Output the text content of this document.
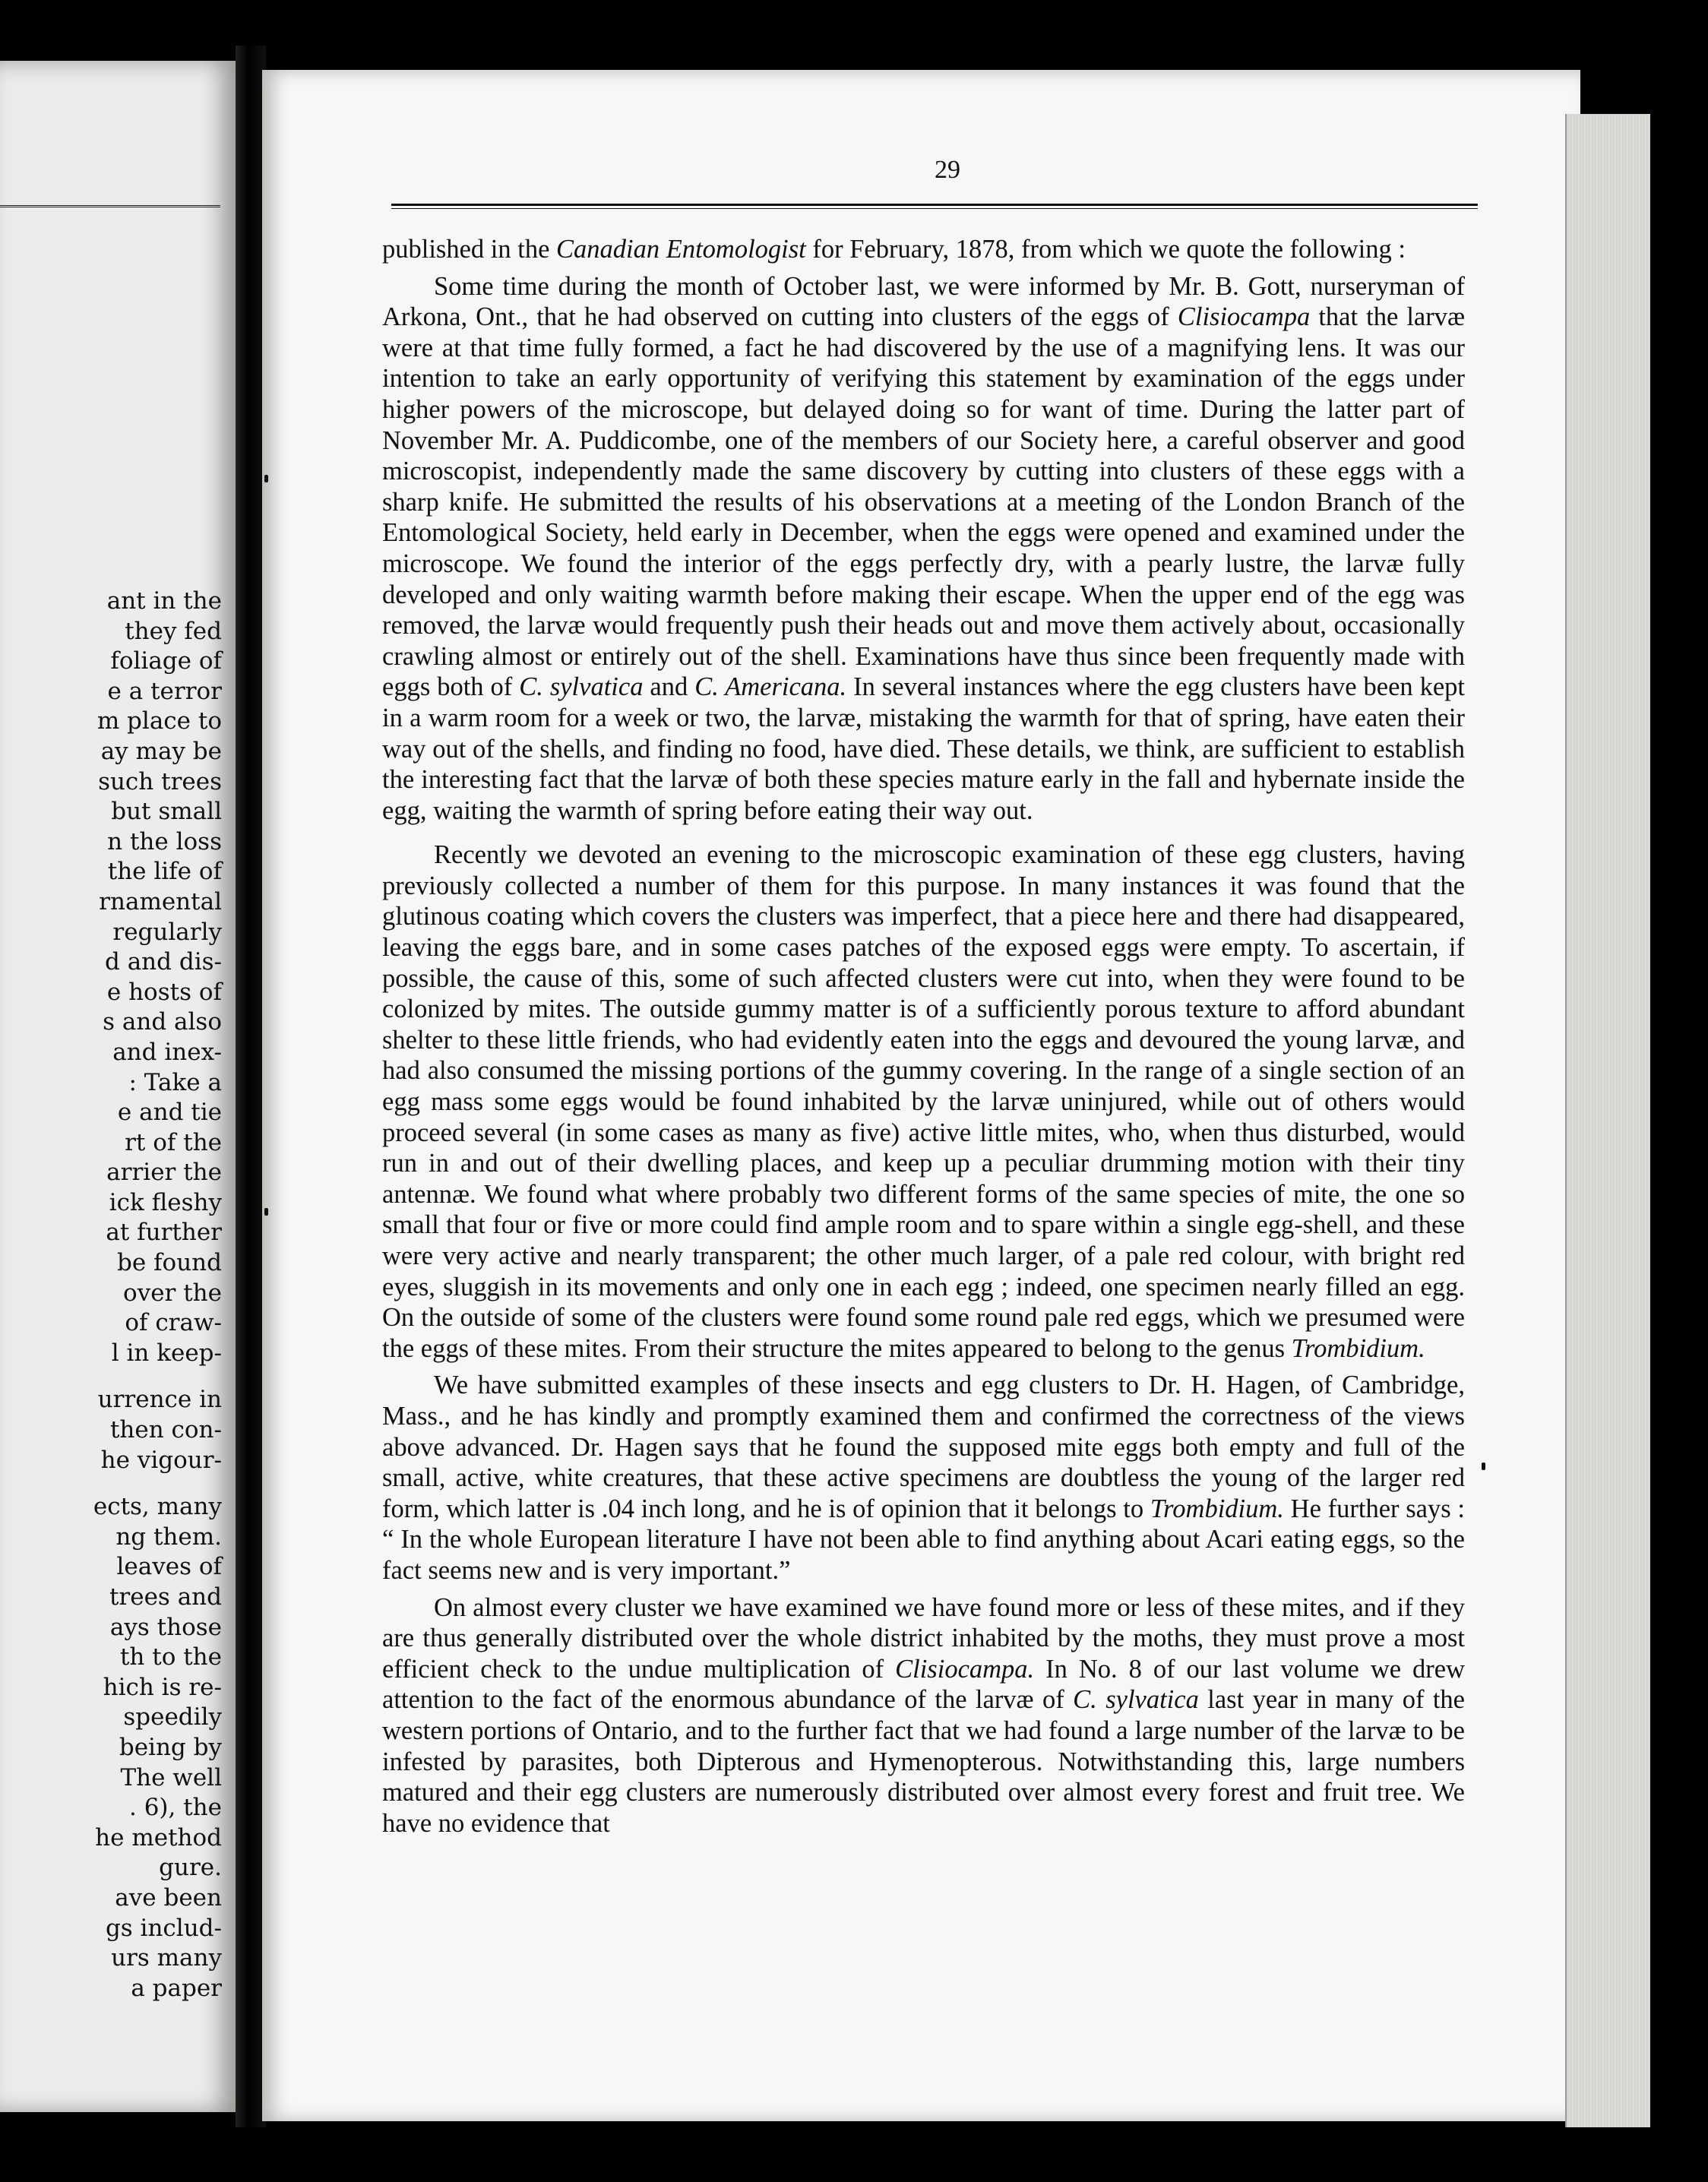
ant in the
they fed
foliage of
e a terror
m place to
ay may be
such trees
but small
n the loss
the life of
rnamental
regularly
d and dis-
e hosts of
s and also
and inex-
: Take a
e and tie
rt of the
arrier the
ick fleshy
at further
be found
over the
of craw-
l in keep-
urrence in
then con-
he vigour-
ects, many
ng them.
leaves of
trees and
ays those
th to the
hich is re-
speedily
being by
The well
. 6), the
he method
gure.
ave been
gs includ-
urs many
a paper
29

published in the Canadian Entomologist for February, 1878, from which we quote the following :

Some time during the month of October last, we were informed by Mr. B. Gott, nurseryman of Arkona, Ont., that he had observed on cutting into clusters of the eggs of Clisiocampa that the larvæ were at that time fully formed, a fact he had discovered by the use of a magnifying lens. It was our intention to take an early opportunity of verifying this statement by examination of the eggs under higher powers of the microscope, but delayed doing so for want of time. During the latter part of November Mr. A. Puddicombe, one of the members of our Society here, a careful observer and good microscopist, independently made the same discovery by cutting into clusters of these eggs with a sharp knife. He submitted the results of his observations at a meeting of the London Branch of the Entomological Society, held early in December, when the eggs were opened and examined under the microscope. We found the interior of the eggs perfectly dry, with a pearly lustre, the larvæ fully developed and only waiting warmth before making their escape. When the upper end of the egg was removed, the larvæ would frequently push their heads out and move them actively about, occasionally crawling almost or entirely out of the shell. Examinations have thus since been frequently made with eggs both of C. sylvatica and C. Americana. In several instances where the egg clusters have been kept in a warm room for a week or two, the larvæ, mistaking the warmth for that of spring, have eaten their way out of the shells, and finding no food, have died. These details, we think, are sufficient to establish the interesting fact that the larvæ of both these species mature early in the fall and hybernate inside the egg, waiting the warmth of spring before eating their way out.

Recently we devoted an evening to the microscopic examination of these egg clusters, having previously collected a number of them for this purpose. In many instances it was found that the glutinous coating which covers the clusters was imperfect, that a piece here and there had disappeared, leaving the eggs bare, and in some cases patches of the exposed eggs were empty. To ascertain, if possible, the cause of this, some of such affected clusters were cut into, when they were found to be colonized by mites. The outside gummy matter is of a sufficiently porous texture to afford abundant shelter to these little friends, who had evidently eaten into the eggs and devoured the young larvæ, and had also consumed the missing portions of the gummy covering. In the range of a single section of an egg mass some eggs would be found inhabited by the larvæ uninjured, while out of others would proceed several (in some cases as many as five) active little mites, who, when thus disturbed, would run in and out of their dwelling places, and keep up a peculiar drumming motion with their tiny antennæ. We found what where probably two different forms of the same species of mite, the one so small that four or five or more could find ample room and to spare within a single egg-shell, and these were very active and nearly transparent; the other much larger, of a pale red colour, with bright red eyes, sluggish in its movements and only one in each egg ; indeed, one specimen nearly filled an egg. On the outside of some of the clusters were found some round pale red eggs, which we presumed were the eggs of these mites. From their structure the mites appeared to belong to the genus Trombidium.

We have submitted examples of these insects and egg clusters to Dr. H. Hagen, of Cambridge, Mass., and he has kindly and promptly examined them and confirmed the correctness of the views above advanced. Dr. Hagen says that he found the supposed mite eggs both empty and full of the small, active, white creatures, that these active specimens are doubtless the young of the larger red form, which latter is .04 inch long, and he is of opinion that it belongs to Trombidium. He further says : “ In the whole European literature I have not been able to find anything about Acari eating eggs, so the fact seems new and is very important.”

On almost every cluster we have examined we have found more or less of these mites, and if they are thus generally distributed over the whole district inhabited by the moths, they must prove a most efficient check to the undue multiplication of Clisiocampa. In No. 8 of our last volume we drew attention to the fact of the enormous abundance of the larvæ of C. sylvatica last year in many of the western portions of Ontario, and to the further fact that we had found a large number of the larvæ to be infested by parasites, both Dipterous and Hymenopterous. Notwithstanding this, large numbers matured and their egg clusters are numerously distributed over almost every forest and fruit tree. We have no evidence that
